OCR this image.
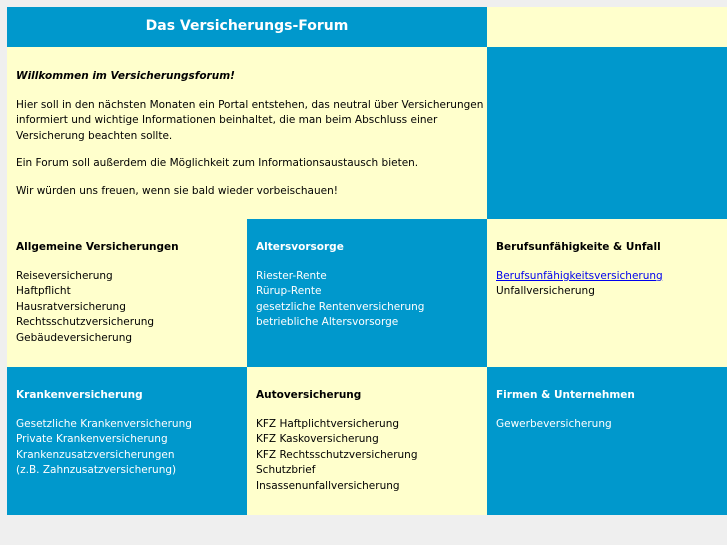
Das Versicherungs-Forum

Willkommen im Versicherungsforum!

Hier soll in den nächsten Monaten ein Portal entstehen, das neutral über Versicherungen informiert und wichtige Informationen beinhaltet, die man beim Abschluss einer Versicherung beachten sollte.

Ein Forum soll außerdem die Möglichkeit zum Informationsaustausch bieten.

Wir würden uns freuen, wenn sie bald wieder vorbeischauen!

Allgemeine Versicherungen
Reiseversicherung
Haftpflicht
Hausratversicherung
Rechtsschutzversicherung
Gebäudeversicherung
Altersvorsorge
Riester-Rente
Rürup-Rente
gesetzliche Rentenversicherung
betriebliche Altersvorsorge
Berufsunfähigkeite & Unfall
Berufsunfähigkeitsversicherung
Unfallversicherung
Krankenversicherung
Gesetzliche Krankenversicherung
Private Krankenversicherung
Krankenzusatzversicherungen
(z.B. Zahnzusatzversicherung)
Autoversicherung
KFZ Haftplichtversicherung
KFZ Kaskoversicherung
KFZ Rechtsschutzversicherung
Schutzbrief
Insassenunfallversicherung
Firmen & Unternehmen
Gewerbeversicherung
